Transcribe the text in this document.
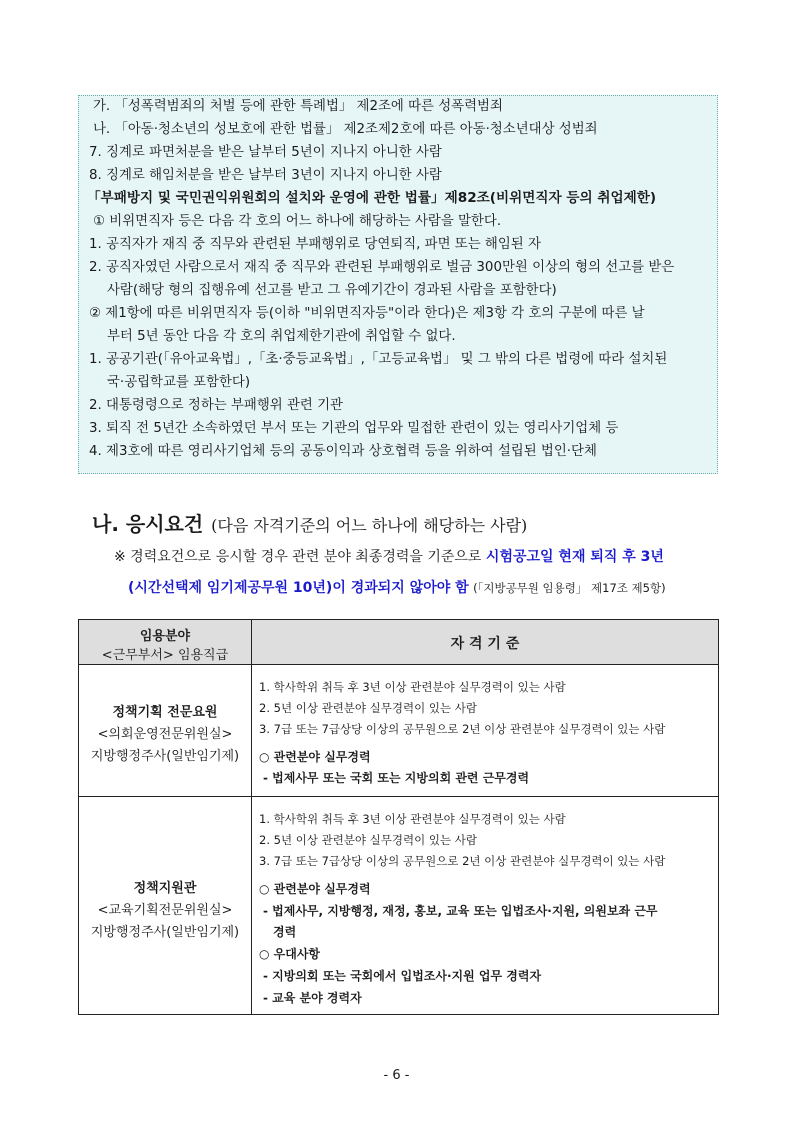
가. 「성폭력범죄의 처벌 등에 관한 특례법」 제2조에 따른 성폭력범죄
나. 「아동·청소년의 성보호에 관한 법률」 제2조제2호에 따른 아동·청소년대상 성범죄
7. 징계로 파면처분을 받은 날부터 5년이 지나지 아니한 사람
8. 징계로 해임처분을 받은 날부터 3년이 지나지 아니한 사람
「부패방지 및 국민권익위원회의 설치와 운영에 관한 법률」제82조(비위면직자 등의 취업제한)
① 비위면직자 등은 다음 각 호의 어느 하나에 해당하는 사람을 말한다.
1. 공직자가 재직 중 직무와 관련된 부패행위로 당연퇴직, 파면 또는 해임된 자
2. 공직자였던 사람으로서 재직 중 직무와 관련된 부패행위로 벌금 300만원 이상의 형의 선고를 받은
사람(해당 형의 집행유예 선고를 받고 그 유예기간이 경과된 사람을 포함한다)
② 제1항에 따른 비위면직자 등(이하 "비위면직자등"이라 한다)은 제3항 각 호의 구분에 따른 날
부터 5년 동안 다음 각 호의 취업제한기관에 취업할 수 없다.
1. 공공기관(「유아교육법」,「초·중등교육법」,「고등교육법」 및 그 밖의 다른 법령에 따라 설치된
국·공립학교를 포함한다)
2. 대통령령으로 정하는 부패행위 관련 기관
3. 퇴직 전 5년간 소속하였던 부서 또는 기관의 업무와 밀접한 관련이 있는 영리사기업체 등
4. 제3호에 따른 영리사기업체 등의 공동이익과 상호협력 등을 위하여 설립된 법인·단체
나. 응시요건 (다음 자격기준의 어느 하나에 해당하는 사람)
※ 경력요건으로 응시할 경우 관련 분야 최종경력을 기준으로 시험공고일 현재 퇴직 후 3년
(시간선택제 임기제공무원 10년)이 경과되지 않아야 함 (「지방공무원 임용령」 제17조 제5항)
임용분야
<근무부서> 임용직급
자 격 기 준
정책기획 전문요원
<의회운영전문위원실>
지방행정주사(일반임기제)
1. 학사학위 취득 후 3년 이상 관련분야 실무경력이 있는 사람
2. 5년 이상 관련분야 실무경력이 있는 사람
3. 7급 또는 7급상당 이상의 공무원으로 2년 이상 관련분야 실무경력이 있는 사람
○ 관련분야 실무경력
- 법제사무 또는 국회 또는 지방의회 관련 근무경력
정책지원관
<교육기획전문위원실>
지방행정주사(일반임기제)
1. 학사학위 취득 후 3년 이상 관련분야 실무경력이 있는 사람
2. 5년 이상 관련분야 실무경력이 있는 사람
3. 7급 또는 7급상당 이상의 공무원으로 2년 이상 관련분야 실무경력이 있는 사람
○ 관련분야 실무경력
- 법제사무, 지방행정, 재정, 홍보, 교육 또는 입법조사·지원, 의원보좌 근무
경력
○ 우대사항
- 지방의회 또는 국회에서 입법조사·지원 업무 경력자
- 교육 분야 경력자
- 6 -
